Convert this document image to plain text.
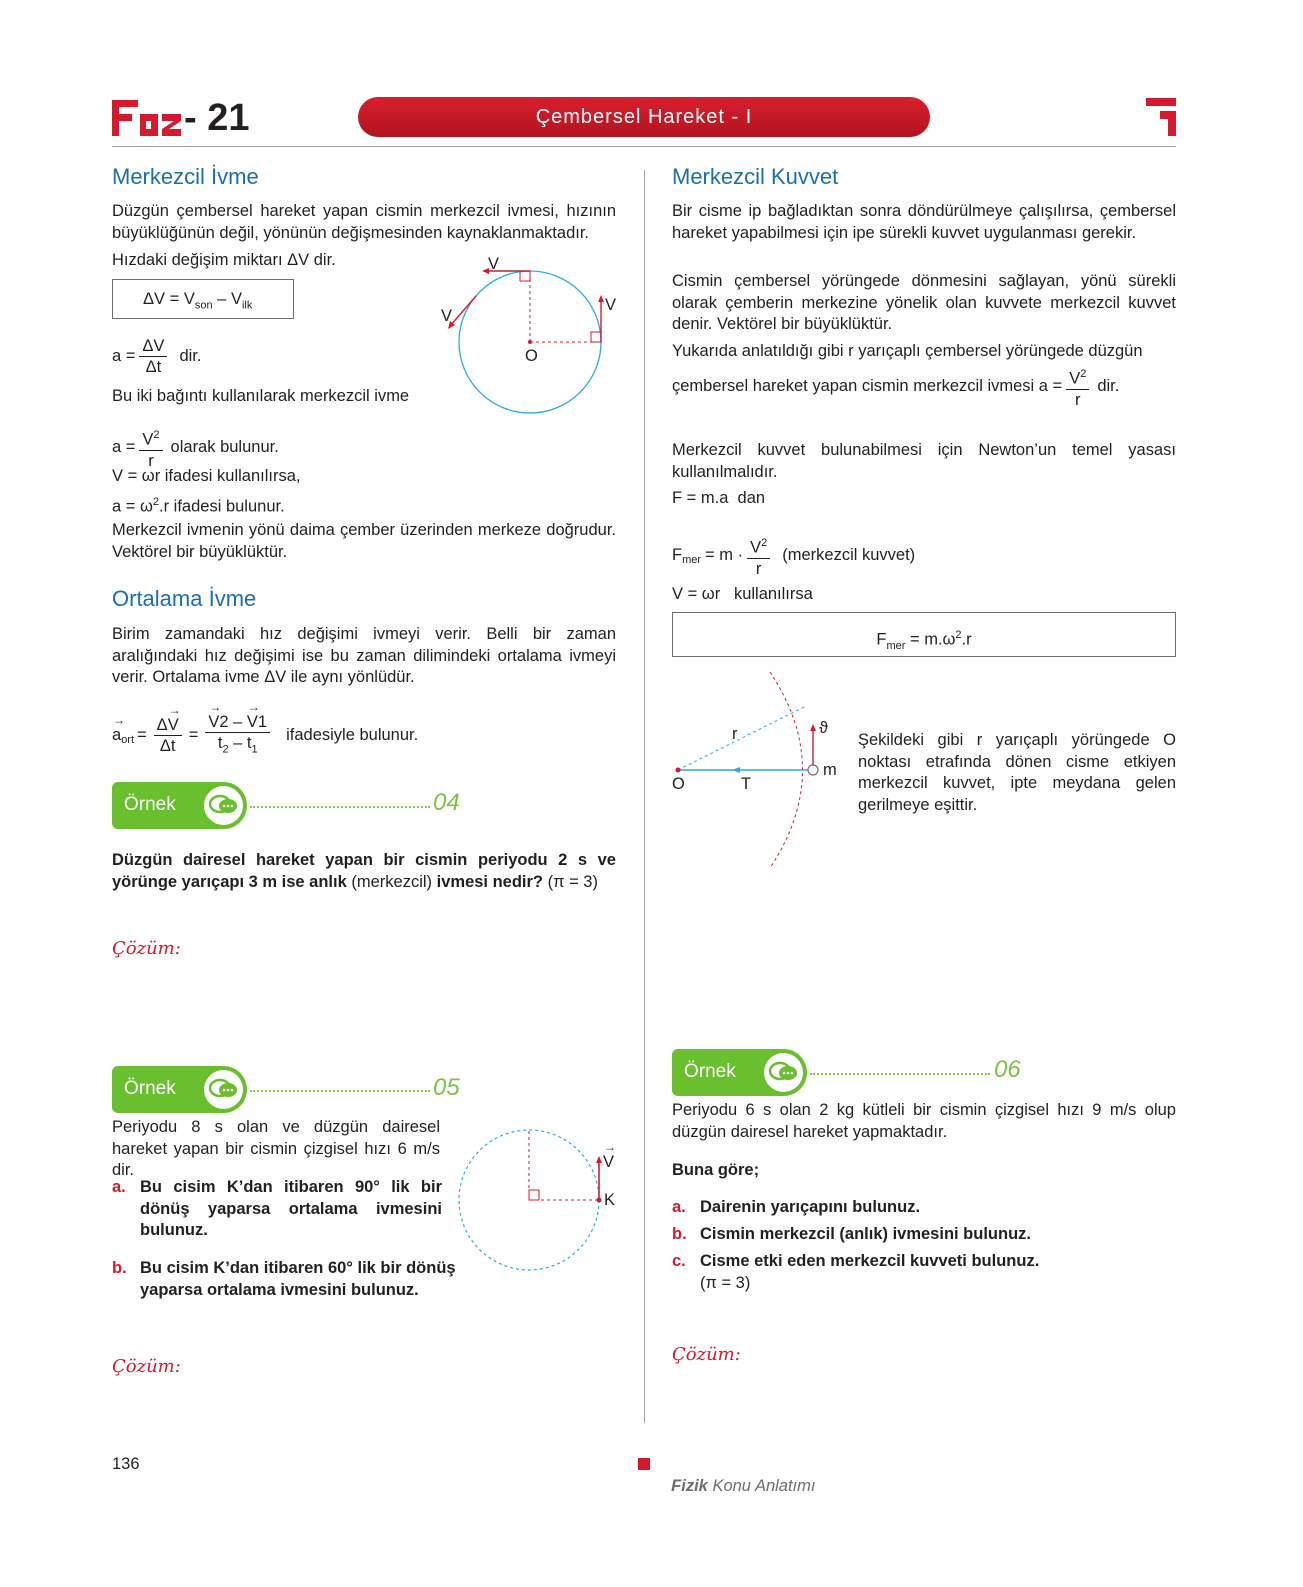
- 21	Çembersel Hareket - I
Merkezcil İvme
Düzgün çembersel hareket yapan cismin merkezcil ivmesi, hızının büyüklüğünün değil, yönünün değişmesinden kaynaklanmaktadır.
Hızdaki değişim miktarı ΔV dir.
$\Delta V = V_{son} - V_{ilk}$
$a = \frac{\Delta V}{\Delta t}$ dir.
Bu iki bağıntı kullanılarak merkezcil ivme
$a = \frac{V^2}{r}$ olarak bulunur.
V = ωr ifadesi kullanılırsa,
$a = \omega^2.r$ ifadesi bulunur.
Merkezcil ivmenin yönü daima çember üzerinden merkeze doğrudur. Vektörel bir büyüklüktür.
V
V
V
O
Ortalama İvme
Birim zamandaki hız değişimi ivmeyi verir. Belli bir zaman aralığındaki hız değişimi ise bu zaman dilimindeki ortalama ivmeyi verir. Ortalama ivme ΔV ile aynı yönlüdür.
→ $a_{ort} = \frac{\Delta\to V}{\Delta t}$ = → $\frac{V2 - \to V1}{t_2 - t_1}$ ifadesiyle bulunur.
Örnek	04
Düzgün dairesel hareket yapan bir cismin periyodu 2 s ve yörünge yarıçapı 3 m ise anlık (merkezcil) ivmesi nedir? (π = 3)
Çözüm:
Örnek	05
Periyodu 8 s olan ve düzgün dairesel hareket yapan bir cismin çizgisel hızı 6 m/s dir.
a. Bu cisim K’dan itibaren 90° lik bir dönüş yaparsa ortalama ivmesini bulunuz.
b. Bu cisim K’dan itibaren 60° lik bir dönüş yaparsa ortalama ivmesini bulunuz.
→ V
K
Çözüm:
Merkezcil Kuvvet
Bir cisme ip bağladıktan sonra döndürülmeye çalışılırsa, çembersel hareket yapabilmesi için ipe sürekli kuvvet uygulanması gerekir.
Cismin çembersel yörüngede dönmesini sağlayan, yönü sürekli olarak çemberin merkezine yönelik olan kuvvete merkezcil kuvvet denir. Vektörel bir büyüklüktür.
Yukarıda anlatıldığı gibi r yarıçaplı çembersel yörüngede düzgün
çembersel hareket yapan cismin merkezcil ivmesi $a = \frac{V^2}{r}$ dir.
Merkezcil kuvvet bulunabilmesi için Newton’un temel yasası kullanılmalıdır.
F = m.a  dan
$F_{mer} = m \cdot \frac{V^2}{r}$ (merkezcil kuvvet)
V = ωr   kullanılırsa
$F_{mer} = m.\omega^2.r$
r	ϑ
O	T
m
Şekildeki gibi r yarıçaplı yörüngede O noktası etrafında dönen cisme etkiyen merkezcil kuvvet, ipte meydana gelen gerilmeye eşittir.
Örnek	06
Periyodu 6 s olan 2 kg kütleli bir cismin çizgisel hızı 9 m/s olup düzgün dairesel hareket yapmaktadır.
Buna göre;
a. Dairenin yarıçapını bulunuz.
b. Cismin merkezcil (anlık) ivmesini bulunuz.
c. Cisme etki eden merkezcil kuvveti bulunuz.
(π = 3)
Çözüm:
136

Fizik Konu Anlatımı
